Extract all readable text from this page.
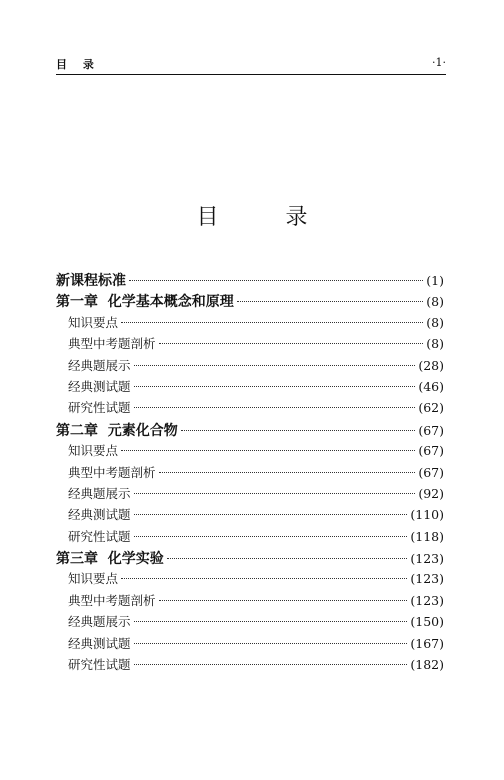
目 录	·1·
目 录
新课程标准	(1)
第一章  化学基本概念和原理	(8)
知识要点	(8)
典型中考题剖析	(8)
经典题展示	(28)
经典测试题	(46)
研究性试题	(62)
第二章  元素化合物	(67)
知识要点	(67)
典型中考题剖析	(67)
经典题展示	(92)
经典测试题	(110)
研究性试题	(118)
第三章  化学实验	(123)
知识要点	(123)
典型中考题剖析	(123)
经典题展示	(150)
经典测试题	(167)
研究性试题	(182)
